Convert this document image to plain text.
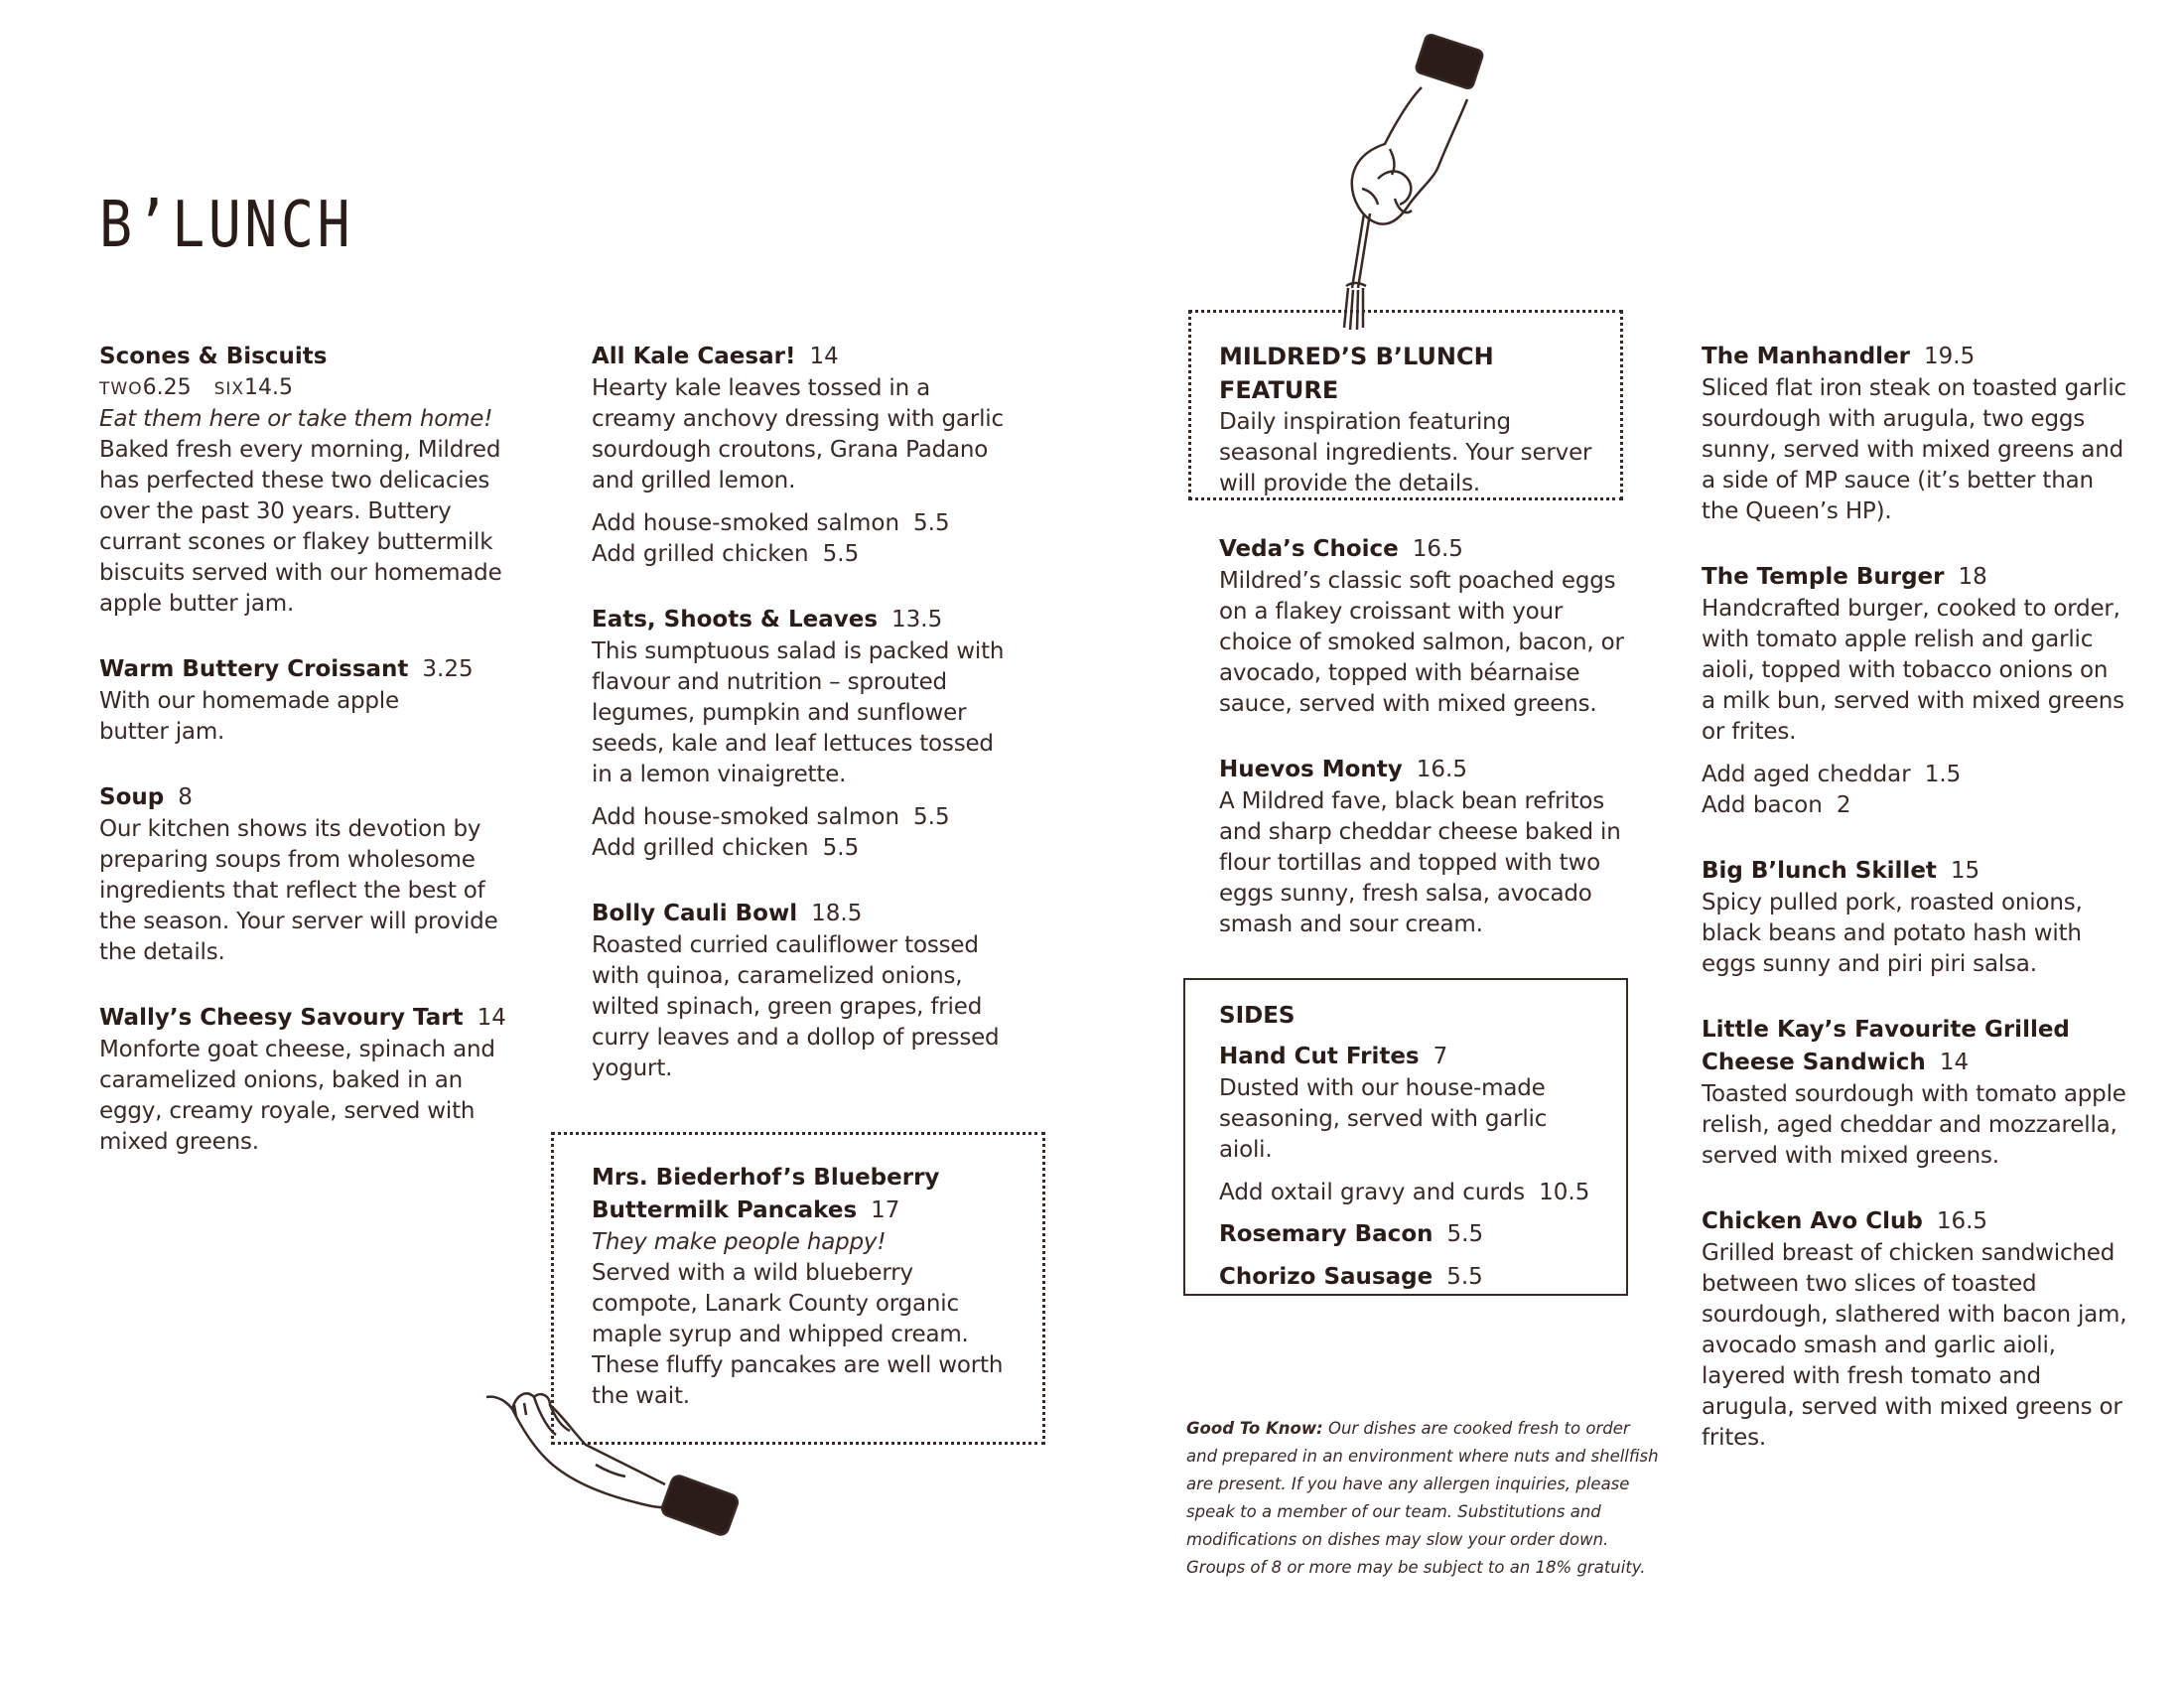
B’LUNCH
Scones & Biscuits
TWO6.25 SIX14.5
Eat them here or take them home!
Baked fresh every morning, Mildred has perfected these two delicacies over the past 30 years. Buttery currant scones or flakey buttermilk biscuits served with our homemade apple butter jam.
Warm Buttery Croissant 3.25
With our homemade apple butter jam.
Soup 8
Our kitchen shows its devotion by preparing soups from wholesome ingredients that reflect the best of the season. Your server will provide the details.
Wally’s Cheesy Savoury Tart 14
Monforte goat cheese, spinach and caramelized onions, baked in an eggy, creamy royale, served with mixed greens.
All Kale Caesar! 14
Hearty kale leaves tossed in a creamy anchovy dressing with garlic sourdough croutons, Grana Padano and grilled lemon.
Add house-smoked salmon 5.5
Add grilled chicken 5.5
Eats, Shoots & Leaves 13.5
This sumptuous salad is packed with flavour and nutrition – sprouted legumes, pumpkin and sunflower seeds, kale and leaf lettuces tossed in a lemon vinaigrette.
Add house-smoked salmon 5.5
Add grilled chicken 5.5
Bolly Cauli Bowl 18.5
Roasted curried cauliflower tossed with quinoa, caramelized onions, wilted spinach, green grapes, fried curry leaves and a dollop of pressed yogurt.
Mrs. Biederhof’s Blueberry
Buttermilk Pancakes 17
They make people happy!
Served with a wild blueberry compote, Lanark County organic maple syrup and whipped cream. These fluffy pancakes are well worth the wait.
MILDRED’S B’LUNCH FEATURE
Daily inspiration featuring seasonal ingredients. Your server will provide the details.
Veda’s Choice 16.5
Mildred’s classic soft poached eggs on a flakey croissant with your choice of smoked salmon, bacon, or avocado, topped with béarnaise sauce, served with mixed greens.
Huevos Monty 16.5
A Mildred fave, black bean refritos and sharp cheddar cheese baked in flour tortillas and topped with two eggs sunny, fresh salsa, avocado smash and sour cream.
SIDES
Hand Cut Frites 7
Dusted with our house-made seasoning, served with garlic aioli.
Add oxtail gravy and curds 10.5
Rosemary Bacon 5.5
Chorizo Sausage 5.5
Good To Know: Our dishes are cooked fresh to order and prepared in an environment where nuts and shellfish are present. If you have any allergen inquiries, please speak to a member of our team. Substitutions and modifications on dishes may slow your order down. Groups of 8 or more may be subject to an 18% gratuity.
The Manhandler 19.5
Sliced flat iron steak on toasted garlic sourdough with arugula, two eggs sunny, served with mixed greens and a side of MP sauce (it’s better than the Queen’s HP).
The Temple Burger 18
Handcrafted burger, cooked to order, with tomato apple relish and garlic aioli, topped with tobacco onions on a milk bun, served with mixed greens or frites.
Add aged cheddar 1.5
Add bacon 2
Big B’lunch Skillet 15
Spicy pulled pork, roasted onions, black beans and potato hash with eggs sunny and piri piri salsa.
Little Kay’s Favourite Grilled
Cheese Sandwich 14
Toasted sourdough with tomato apple relish, aged cheddar and mozzarella, served with mixed greens.
Chicken Avo Club 16.5
Grilled breast of chicken sandwiched between two slices of toasted sourdough, slathered with bacon jam, avocado smash and garlic aioli, layered with fresh tomato and arugula, served with mixed greens or frites.
